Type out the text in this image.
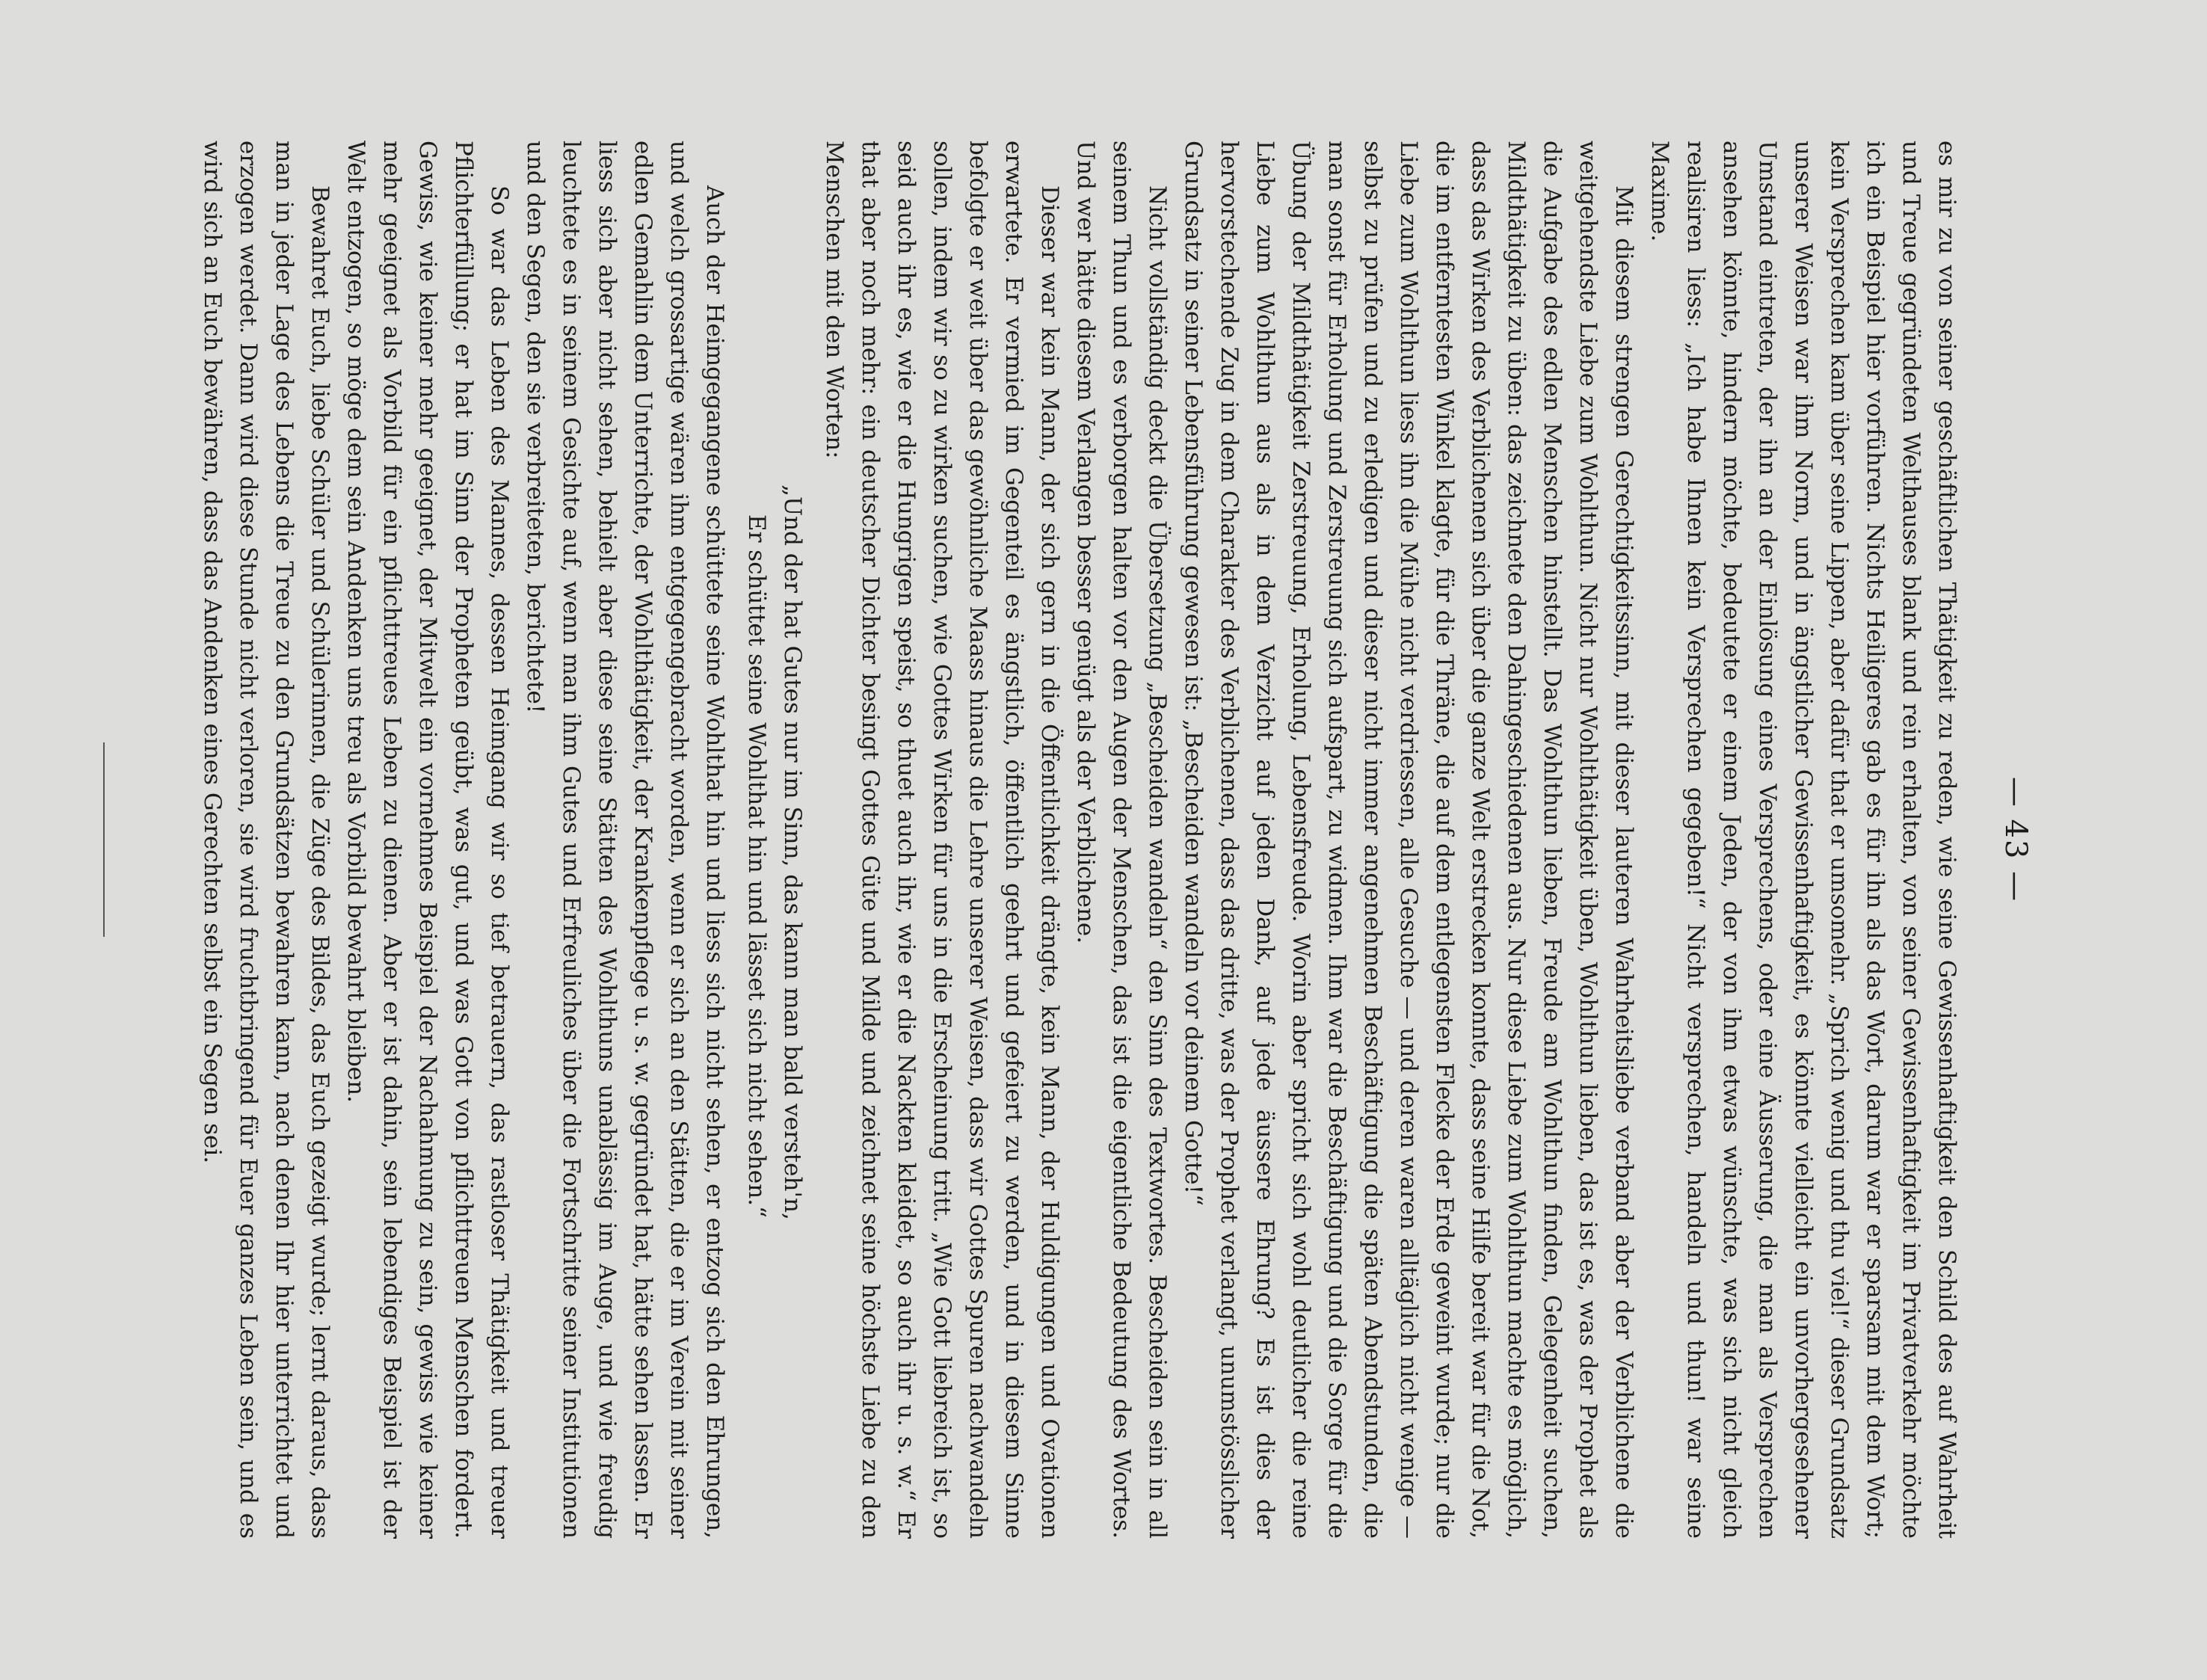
— 43 —

es mir zu von seiner geschäftlichen Thätigkeit zu reden, wie seine Gewissenhaftigkeit den Schild des auf Wahrheit und Treue gegründeten Welthauses blank und rein erhalten, von seiner Gewissenhaftigkeit im Privatverkehr möchte ich ein Beispiel hier vorführen. Nichts Heiligeres gab es für ihn als das Wort, darum war er sparsam mit dem Wort; kein Versprechen kam über seine Lippen, aber dafür that er umsomehr. „Sprich wenig und thu viel!“ dieser Grundsatz unserer Weisen war ihm Norm, und in ängstlicher Gewissenhaftigkeit, es könnte vielleicht ein unvorhergesehener Umstand eintreten, der ihn an der Einlösung eines Versprechens, oder eine Äusserung, die man als Versprechen ansehen könnte, hindern möchte, bedeutete er einem Jeden, der von ihm etwas wünschte, was sich nicht gleich realisiren liess: „Ich habe Ihnen kein Versprechen gegeben!“ Nicht versprechen, handeln und thun! war seine Maxime.

Mit diesem strengen Gerechtigkeitssinn, mit dieser lauteren Wahrheitsliebe verband aber der Verblichene die weitgehendste Liebe zum Wohlthun. Nicht nur Wohlthätigkeit üben, Wohlthun lieben, das ist es, was der Prophet als die Aufgabe des edlen Menschen hinstellt. Das Wohlthun lieben, Freude am Wohlthun finden, Gelegenheit suchen, Mildthätigkeit zu üben: das zeichnete den Dahingeschiedenen aus. Nur diese Liebe zum Wohlthun machte es möglich, dass das Wirken des Verblichenen sich über die ganze Welt erstrecken konnte, dass seine Hilfe bereit war für die Not, die im entferntesten Winkel klagte, für die Thräne, die auf dem entlegensten Flecke der Erde geweint wurde; nur die Liebe zum Wohlthun liess ihn die Mühe nicht verdriessen, alle Gesuche — und deren waren alltäglich nicht wenige — selbst zu prüfen und zu erledigen und dieser nicht immer angenehmen Beschäftigung die späten Abendstunden, die man sonst für Erholung und Zerstreuung sich aufspart, zu widmen. Ihm war die Beschäftigung und die Sorge für die Übung der Mildthätigkeit Zerstreuung, Erholung, Lebensfreude. Worin aber spricht sich wohl deutlicher die reine Liebe zum Wohlthun aus als in dem Verzicht auf jeden Dank, auf jede äussere Ehrung? Es ist dies der hervorstechende Zug in dem Charakter des Verblichenen, dass das dritte, was der Prophet verlangt, unumstösslicher Grundsatz in seiner Lebensführung gewesen ist: „Bescheiden wandeln vor deinem Gotte!“

Nicht vollständig deckt die Übersetzung „Bescheiden wandeln“ den Sinn des Textwortes. Bescheiden sein in all seinem Thun und es verborgen halten vor den Augen der Menschen, das ist die eigentliche Bedeutung des Wortes. Und wer hätte diesem Verlangen besser genügt als der Verblichene.

Dieser war kein Mann, der sich gern in die Öffentlichkeit drängte, kein Mann, der Huldigungen und Ovationen erwartete. Er vermied im Gegenteil es ängstlich, öffentlich geehrt und gefeiert zu werden, und in diesem Sinne befolgte er weit über das gewöhnliche Maass hinaus die Lehre unserer Weisen, dass wir Gottes Spuren nachwandeln sollen, indem wir so zu wirken suchen, wie Gottes Wirken für uns in die Erscheinung tritt. „Wie Gott liebreich ist, so seid auch ihr es, wie er die Hungrigen speist, so thuet auch ihr, wie er die Nackten kleidet, so auch ihr u. s. w.“ Er that aber noch mehr: ein deutscher Dichter besingt Gottes Güte und Milde und zeichnet seine höchste Liebe zu den Menschen mit den Worten:

„Und der hat Gutes nur im Sinn, das kann man bald versteh'n,
Er schüttet seine Wohlthat hin und lässet sich nicht sehen.“

Auch der Heimgegangene schüttete seine Wohlthat hin und liess sich nicht sehen, er entzog sich den Ehrungen, und welch grossartige wären ihm entgegengebracht worden, wenn er sich an den Stätten, die er im Verein mit seiner edlen Gemahlin dem Unterrichte, der Wohlthätigkeit, der Krankenpflege u. s. w. gegründet hat, hätte sehen lassen. Er liess sich aber nicht sehen, behielt aber diese seine Stätten des Wohlthuns unablässig im Auge, und wie freudig leuchtete es in seinem Gesichte auf, wenn man ihm Gutes und Erfreuliches über die Fortschritte seiner Institutionen und den Segen, den sie verbreiteten, berichtete!

So war das Leben des Mannes, dessen Heimgang wir so tief betrauern, das rastloser Thätigkeit und treuer Pflichterfüllung; er hat im Sinn der Propheten geübt, was gut, und was Gott von pflichttreuen Menschen fordert. Gewiss, wie keiner mehr geeignet, der Mitwelt ein vornehmes Beispiel der Nachahmung zu sein, gewiss wie keiner mehr geeignet als Vorbild für ein pflichttreues Leben zu dienen. Aber er ist dahin, sein lebendiges Beispiel ist der Welt entzogen, so möge dem sein Andenken uns treu als Vorbild bewahrt bleiben.

Bewahret Euch, liebe Schüler und Schülerinnen, die Züge des Bildes, das Euch gezeigt wurde; lernt daraus, dass man in jeder Lage des Lebens die Treue zu den Grundsätzen bewahren kann, nach denen Ihr hier unterrichtet und erzogen werdet. Dann wird diese Stunde nicht verloren, sie wird fruchtbringend für Euer ganzes Leben sein, und es wird sich an Euch bewähren, dass das Andenken eines Gerechten selbst ein Segen sei.
